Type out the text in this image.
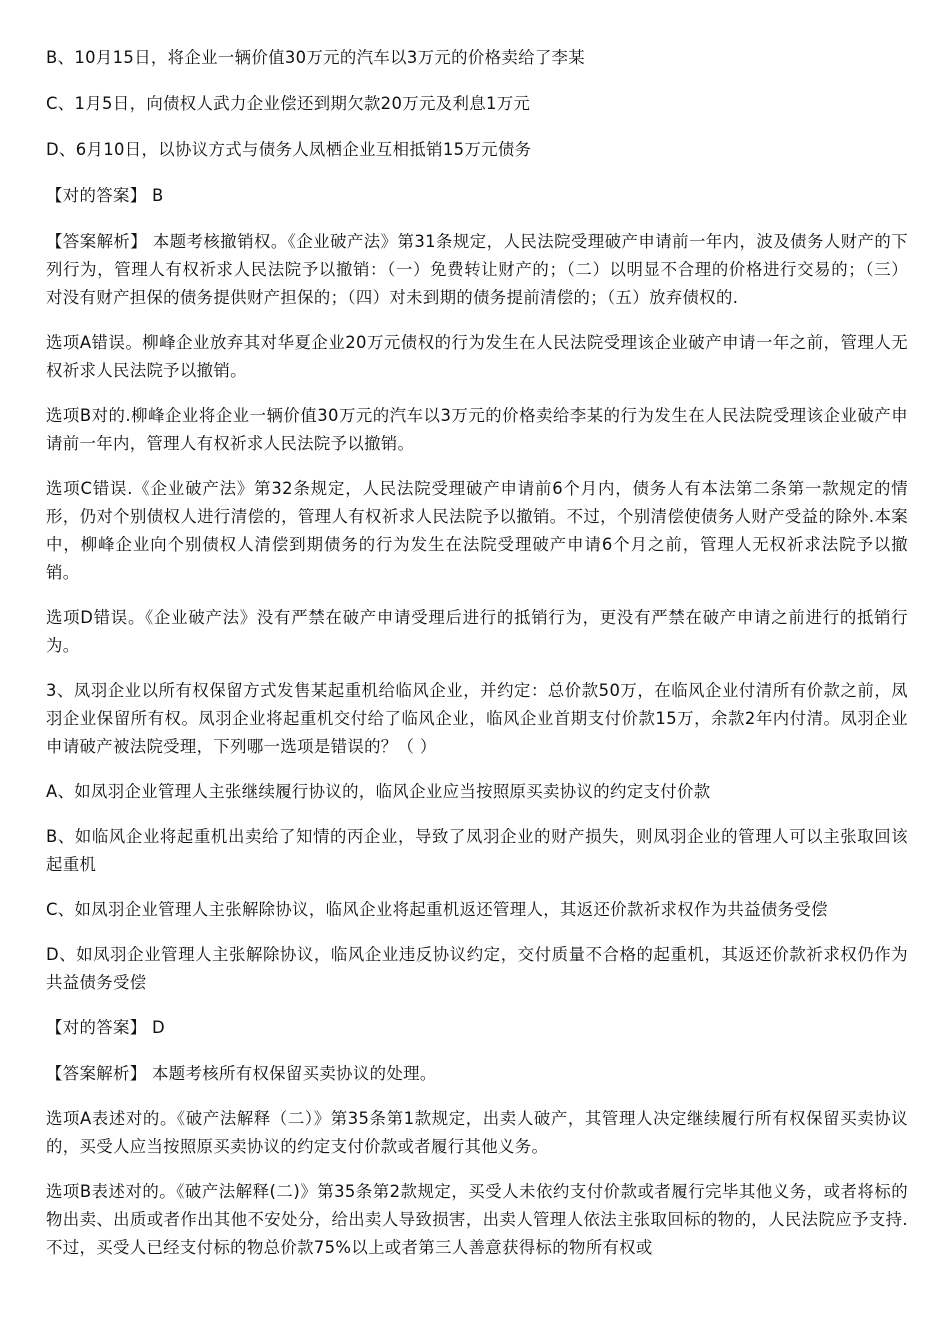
B、10月15日，将企业一辆价值30万元的汽车以3万元的价格卖给了李某

C、1月5日，向债权人武力企业偿还到期欠款20万元及利息1万元

D、6月10日，以协议方式与债务人凤栖企业互相抵销15万元债务

【对的答案】 B

【答案解析】 本题考核撤销权。《企业破产法》第31条规定，人民法院受理破产申请前一年内，波及债务人财产的下列行为，管理人有权祈求人民法院予以撤销：（一）免费转让财产的；（二）以明显不合理的价格进行交易的；（三）对没有财产担保的债务提供财产担保的；（四）对未到期的债务提前清偿的；（五）放弃债权的.

选项A错误。柳峰企业放弃其对华夏企业20万元债权的行为发生在人民法院受理该企业破产申请一年之前，管理人无权祈求人民法院予以撤销。

选项B对的.柳峰企业将企业一辆价值30万元的汽车以3万元的价格卖给李某的行为发生在人民法院受理该企业破产申请前一年内，管理人有权祈求人民法院予以撤销。

选项C错误.《企业破产法》第32条规定，人民法院受理破产申请前6个月内，债务人有本法第二条第一款规定的情形，仍对个别债权人进行清偿的，管理人有权祈求人民法院予以撤销。不过，个别清偿使债务人财产受益的除外.本案中，柳峰企业向个别债权人清偿到期债务的行为发生在法院受理破产申请6个月之前，管理人无权祈求法院予以撤销。

选项D错误。《企业破产法》没有严禁在破产申请受理后进行的抵销行为，更没有严禁在破产申请之前进行的抵销行为。

3、凤羽企业以所有权保留方式发售某起重机给临风企业，并约定：总价款50万，在临风企业付清所有价款之前，凤羽企业保留所有权。凤羽企业将起重机交付给了临风企业，临风企业首期支付价款15万，余款2年内付清。凤羽企业申请破产被法院受理，下列哪一选项是错误的？（ ）

A、如凤羽企业管理人主张继续履行协议的，临风企业应当按照原买卖协议的约定支付价款

B、如临风企业将起重机出卖给了知情的丙企业，导致了凤羽企业的财产损失，则凤羽企业的管理人可以主张取回该起重机

C、如凤羽企业管理人主张解除协议，临风企业将起重机返还管理人，其返还价款祈求权作为共益债务受偿

D、如凤羽企业管理人主张解除协议，临风企业违反协议约定，交付质量不合格的起重机，其返还价款祈求权仍作为共益债务受偿

【对的答案】 D

【答案解析】 本题考核所有权保留买卖协议的处理。

选项A表述对的。《破产法解释（二）》第35条第1款规定，出卖人破产，其管理人决定继续履行所有权保留买卖协议的，买受人应当按照原买卖协议的约定支付价款或者履行其他义务。

选项B表述对的。《破产法解释(二)》第35条第2款规定，买受人未依约支付价款或者履行完毕其他义务，或者将标的物出卖、出质或者作出其他不安处分，给出卖人导致损害，出卖人管理人依法主张取回标的物的，人民法院应予支持.不过，买受人已经支付标的物总价款75%以上或者第三人善意获得标的物所有权或
